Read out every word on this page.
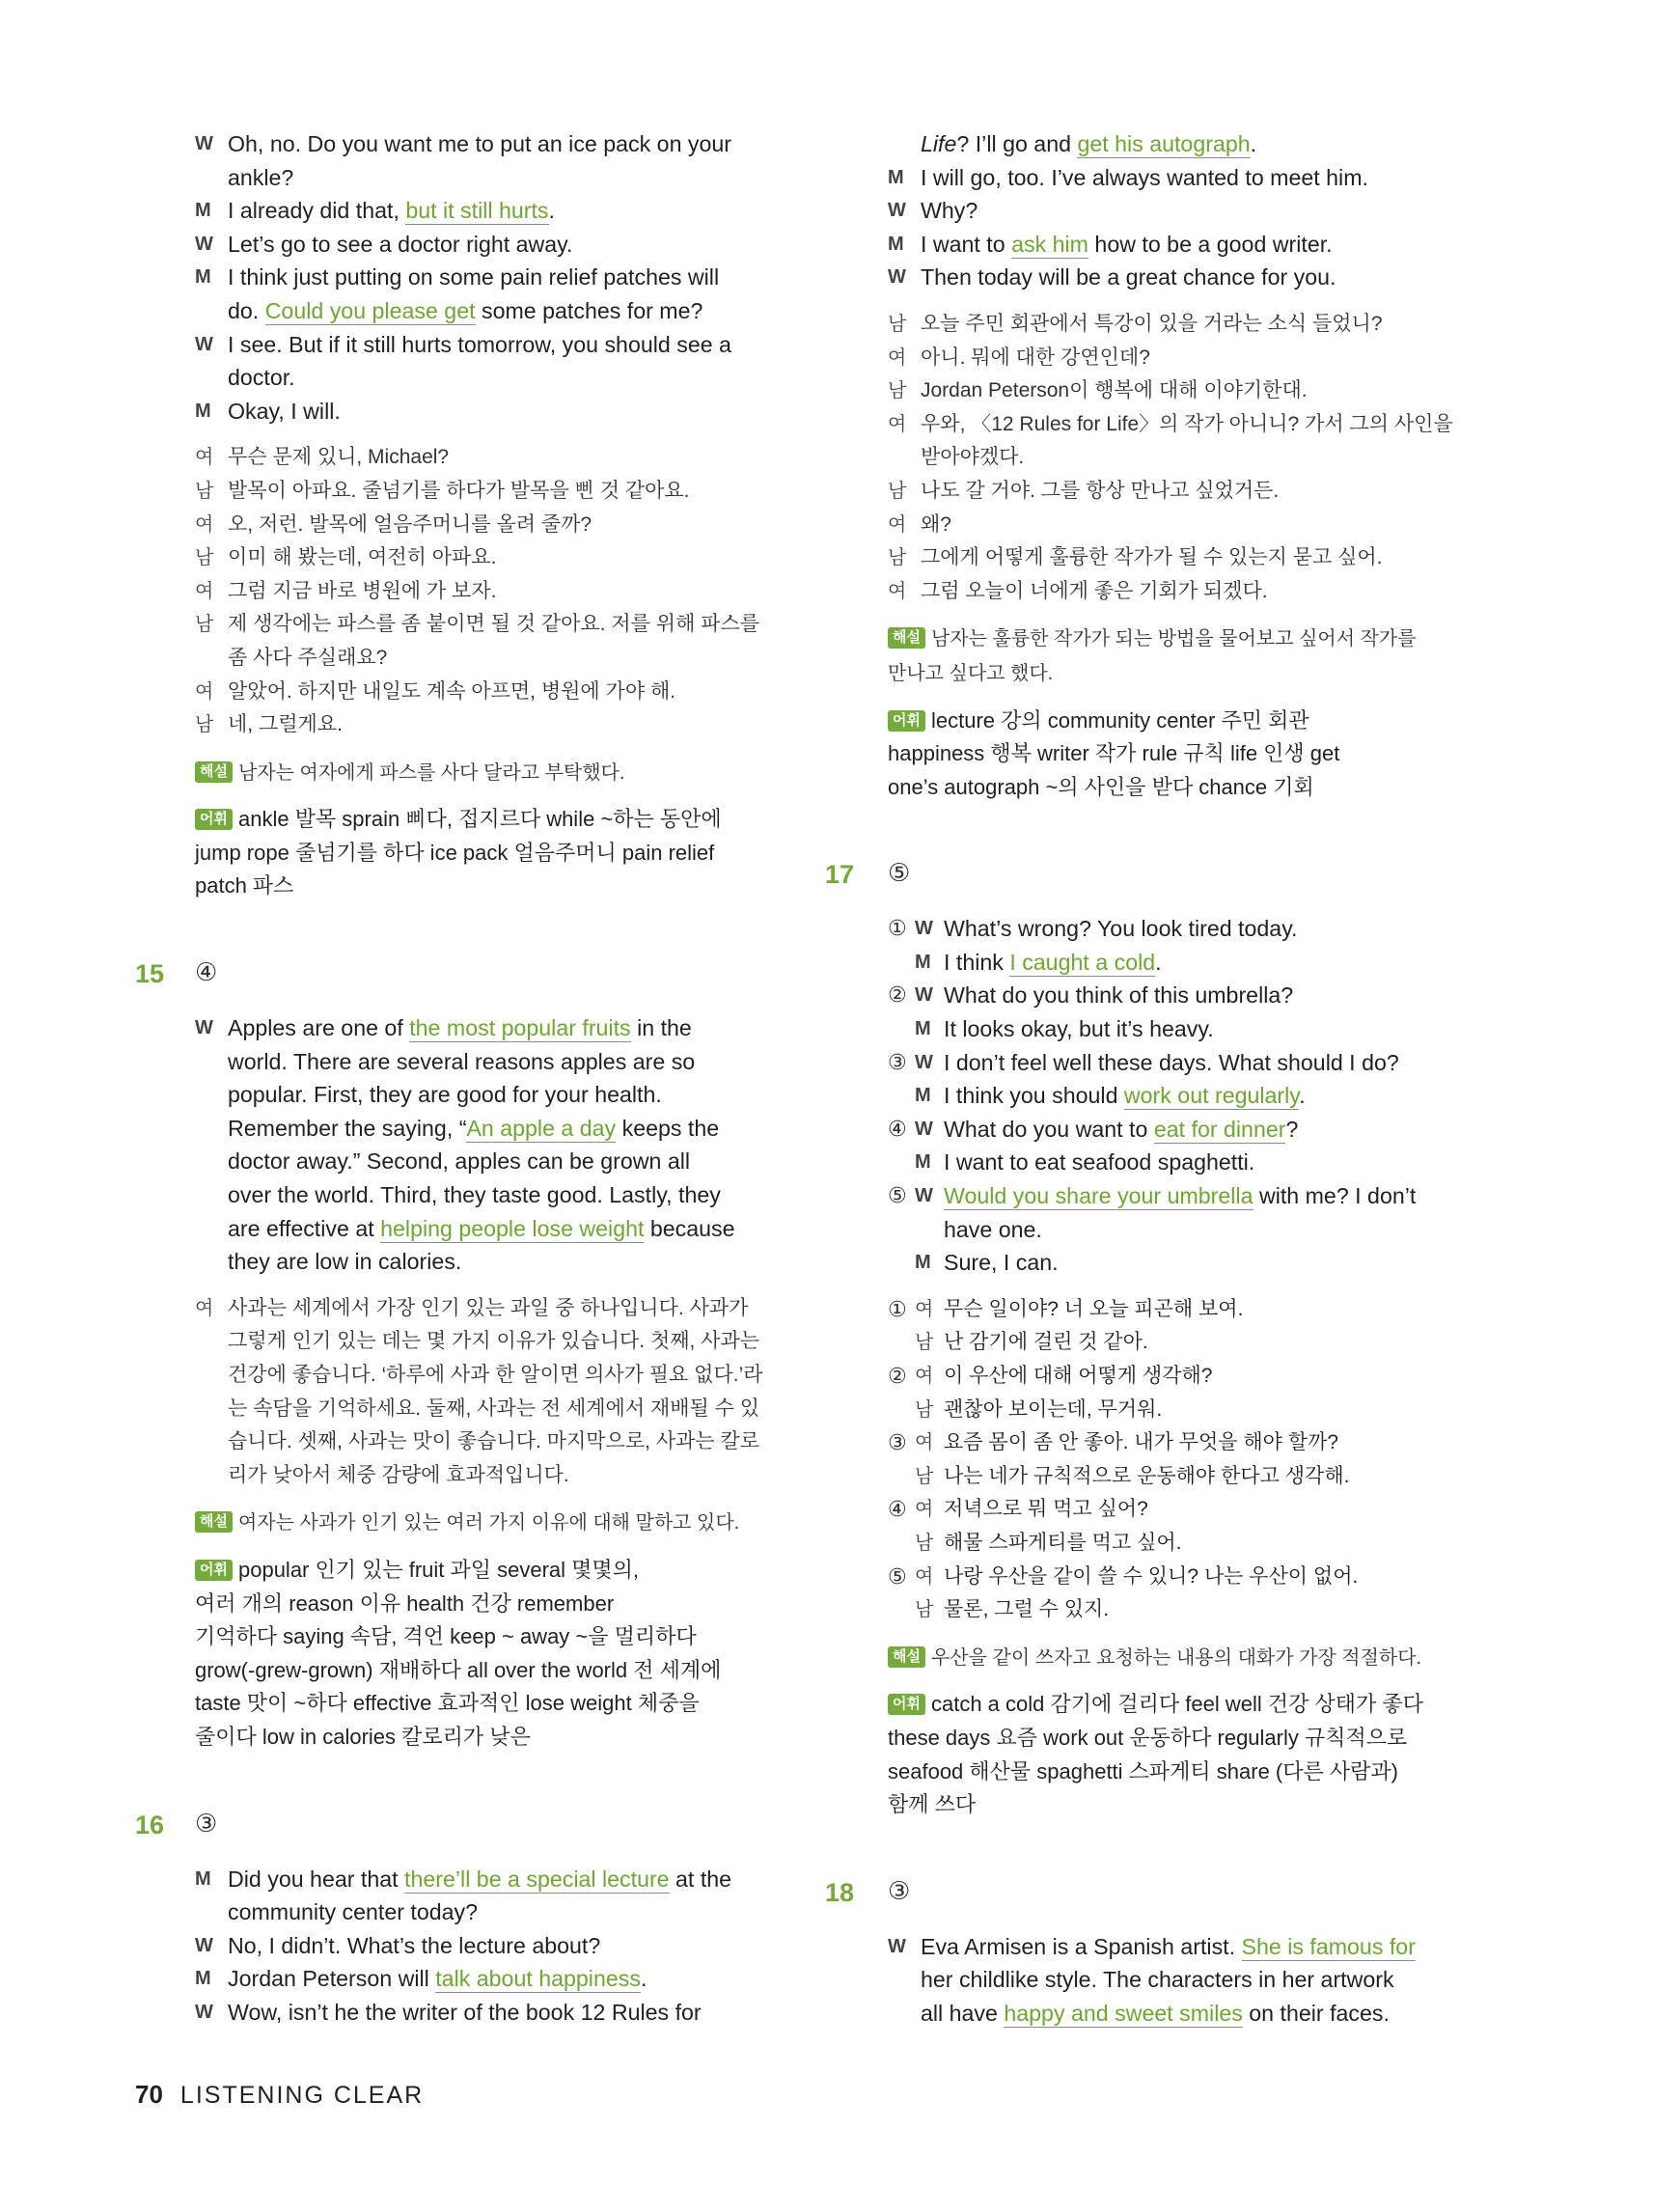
W Oh, no. Do you want me to put an ice pack on your
ankle?
M I already did that, but it still hurts.
W Let’s go to see a doctor right away.
M I think just putting on some pain relief patches will
do. Could you please get some patches for me?
W I see. But if it still hurts tomorrow, you should see a
doctor.
M Okay, I will.
여 무슨 문제 있니, Michael?
남 발목이 아파요. 줄넘기를 하다가 발목을 삔 것 같아요.
여 오, 저런. 발목에 얼음주머니를 올려 줄까?
남 이미 해 봤는데, 여전히 아파요.
여 그럼 지금 바로 병원에 가 보자.
남 제 생각에는 파스를 좀 붙이면 될 것 같아요. 저를 위해 파스를
좀 사다 주실래요?
여 알았어. 하지만 내일도 계속 아프면, 병원에 가야 해.
남 네, 그럴게요.
해설 남자는 여자에게 파스를 사다 달라고 부탁했다.
어휘 ankle 발목 sprain 삐다, 접지르다 while ~하는 동안에
jump rope 줄넘기를 하다 ice pack 얼음주머니 pain relief
patch 파스
15 ④
W Apples are one of the most popular fruits in the
world. There are several reasons apples are so
popular. First, they are good for your health.
Remember the saying, “An apple a day keeps the
doctor away.” Second, apples can be grown all
over the world. Third, they taste good. Lastly, they
are effective at helping people lose weight because
they are low in calories.
여 사과는 세계에서 가장 인기 있는 과일 중 하나입니다. 사과가
그렇게 인기 있는 데는 몇 가지 이유가 있습니다. 첫째, 사과는
건강에 좋습니다. ‘하루에 사과 한 알이면 의사가 필요 없다.’라
는 속담을 기억하세요. 둘째, 사과는 전 세계에서 재배될 수 있
습니다. 셋째, 사과는 맛이 좋습니다. 마지막으로, 사과는 칼로
리가 낮아서 체중 감량에 효과적입니다.
해설 여자는 사과가 인기 있는 여러 가지 이유에 대해 말하고 있다.
어휘 popular 인기 있는 fruit 과일 several 몇몇의,
여러 개의 reason 이유 health 건강 remember
기억하다 saying 속담, 격언 keep ~ away ~을 멀리하다
grow(-grew-grown) 재배하다 all over the world 전 세계에
taste 맛이 ~하다 effective 효과적인 lose weight 체중을
줄이다 low in calories 칼로리가 낮은
16 ③
M Did you hear that there’ll be a special lecture at the
community center today?
W No, I didn’t. What’s the lecture about?
M Jordan Peterson will talk about happiness.
W Wow, isn’t he the writer of the book 12 Rules for
Life? I’ll go and get his autograph.
M I will go, too. I’ve always wanted to meet him.
W Why?
M I want to ask him how to be a good writer.
W Then today will be a great chance for you.
남 오늘 주민 회관에서 특강이 있을 거라는 소식 들었니?
여 아니. 뭐에 대한 강연인데?
남 Jordan Peterson이 행복에 대해 이야기한대.
여 우와, 〈12 Rules for Life〉의 작가 아니니? 가서 그의 사인을
받아야겠다.
남 나도 갈 거야. 그를 항상 만나고 싶었거든.
여 왜?
남 그에게 어떻게 훌륭한 작가가 될 수 있는지 묻고 싶어.
여 그럼 오늘이 너에게 좋은 기회가 되겠다.
해설 남자는 훌륭한 작가가 되는 방법을 물어보고 싶어서 작가를
만나고 싶다고 했다.
어휘 lecture 강의 community center 주민 회관
happiness 행복 writer 작가 rule 규칙 life 인생 get
one’s autograph ~의 사인을 받다 chance 기회
17 ⑤
① W What’s wrong? You look tired today.
M I think I caught a cold.
② W What do you think of this umbrella?
M It looks okay, but it’s heavy.
③ W I don’t feel well these days. What should I do?
M I think you should work out regularly.
④ W What do you want to eat for dinner?
M I want to eat seafood spaghetti.
⑤ W Would you share your umbrella with me? I don’t
have one.
M Sure, I can.
① 여 무슨 일이야? 너 오늘 피곤해 보여.
남 난 감기에 걸린 것 같아.
② 여 이 우산에 대해 어떻게 생각해?
남 괜찮아 보이는데, 무거워.
③ 여 요즘 몸이 좀 안 좋아. 내가 무엇을 해야 할까?
남 나는 네가 규칙적으로 운동해야 한다고 생각해.
④ 여 저녁으로 뭐 먹고 싶어?
남 해물 스파게티를 먹고 싶어.
⑤ 여 나랑 우산을 같이 쓸 수 있니? 나는 우산이 없어.
남 물론, 그럴 수 있지.
해설 우산을 같이 쓰자고 요청하는 내용의 대화가 가장 적절하다.
어휘 catch a cold 감기에 걸리다 feel well 건강 상태가 좋다
these days 요즘 work out 운동하다 regularly 규칙적으로
seafood 해산물 spaghetti 스파게티 share (다른 사람과)
함께 쓰다
18 ③
W Eva Armisen is a Spanish artist. She is famous for
her childlike style. The characters in her artwork
all have happy and sweet smiles on their faces.
70 LISTENING CLEAR
